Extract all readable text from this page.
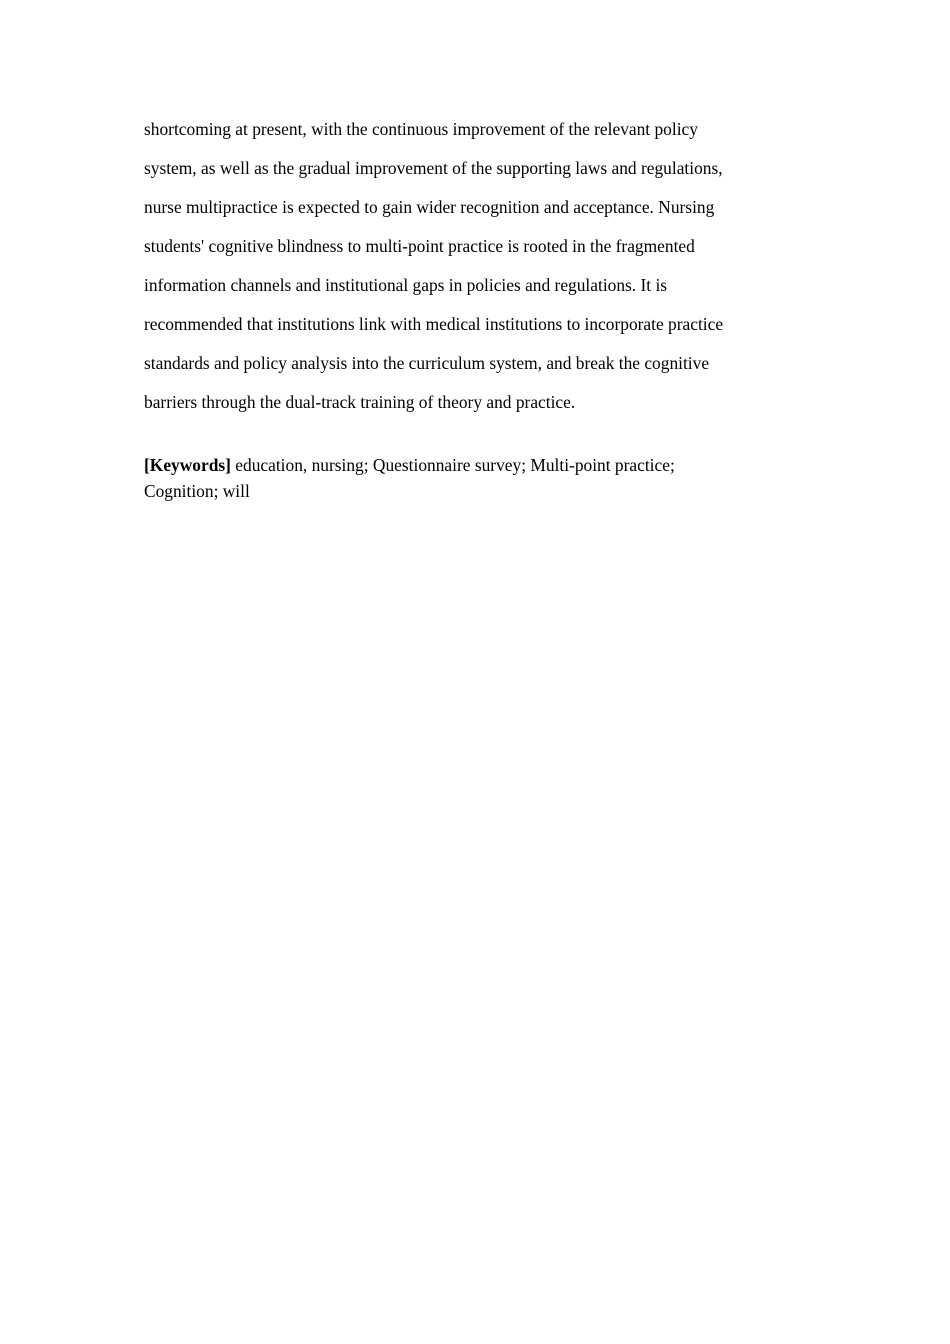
shortcoming at present, with the continuous improvement of the relevant policy
system, as well as the gradual improvement of the supporting laws and regulations,
nurse multipractice is expected to gain wider recognition and acceptance. Nursing
students' cognitive blindness to multi-point practice is rooted in the fragmented
information channels and institutional gaps in policies and regulations. It is
recommended that institutions link with medical institutions to incorporate practice
standards and policy analysis into the curriculum system, and break the cognitive
barriers through the dual-track training of theory and practice.

[Keywords] education, nursing; Questionnaire survey; Multi-point practice;
Cognition; will
